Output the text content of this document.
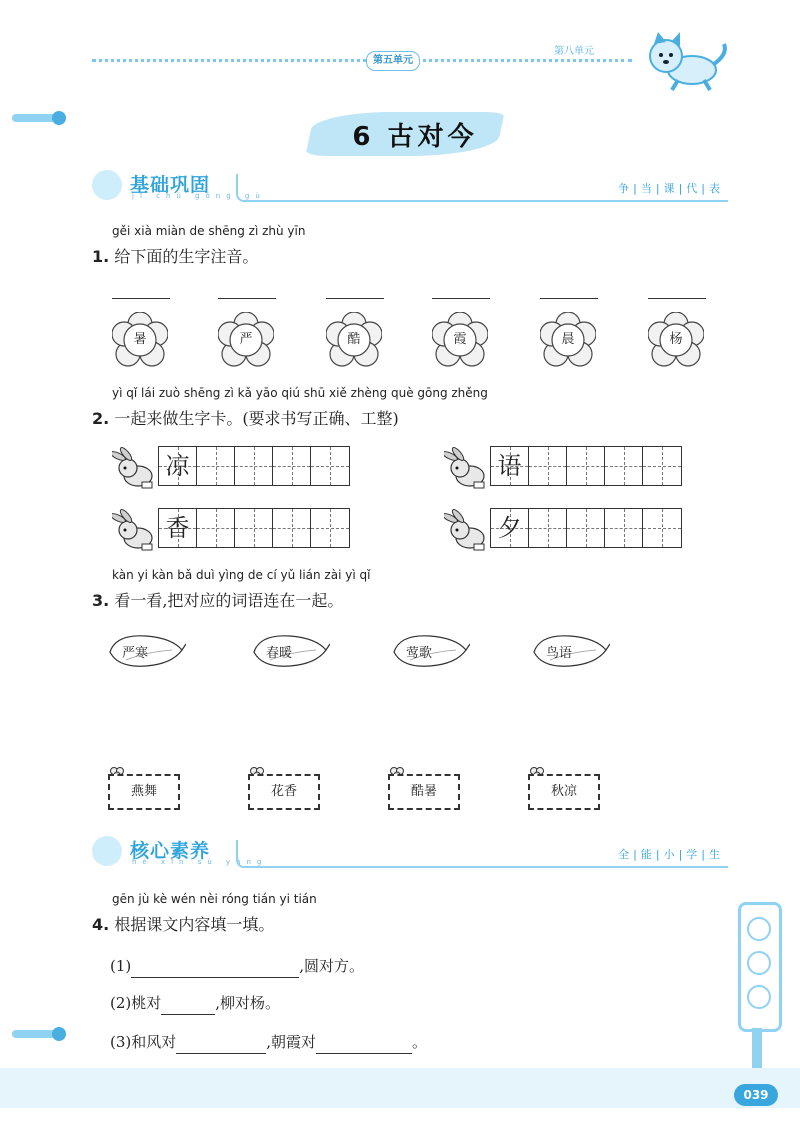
第五单元
第八单元
6 古对今
基础巩固
jī chǔ gǒng gù
争|当|课|代|表
gěi xià miàn de shēng zì zhù yīn
1. 给下面的生字注音。
暑	严	酷	霞	晨	杨
yì qǐ lái zuò shēng zì kǎ yāo qiú shū xiě zhèng què gōng zhěng
2. 一起来做生字卡。(要求书写正确、工整)
凉	语
香	夕
kàn yi kàn bǎ duì yìng de cí yǔ lián zài yì qǐ
3. 看一看,把对应的词语连在一起。
严寒	春暖	莺歌	鸟语
燕舞	花香	酷暑	秋凉
核心素养
hé xīn sù yǎng
全|能|小|学|生
gēn jù kè wén nèi róng tián yi tián
4. 根据课文内容填一填。
(1)	,圆对方。
(2)桃对	,柳对杨。
(3)和风对	,朝霞对	。
039
